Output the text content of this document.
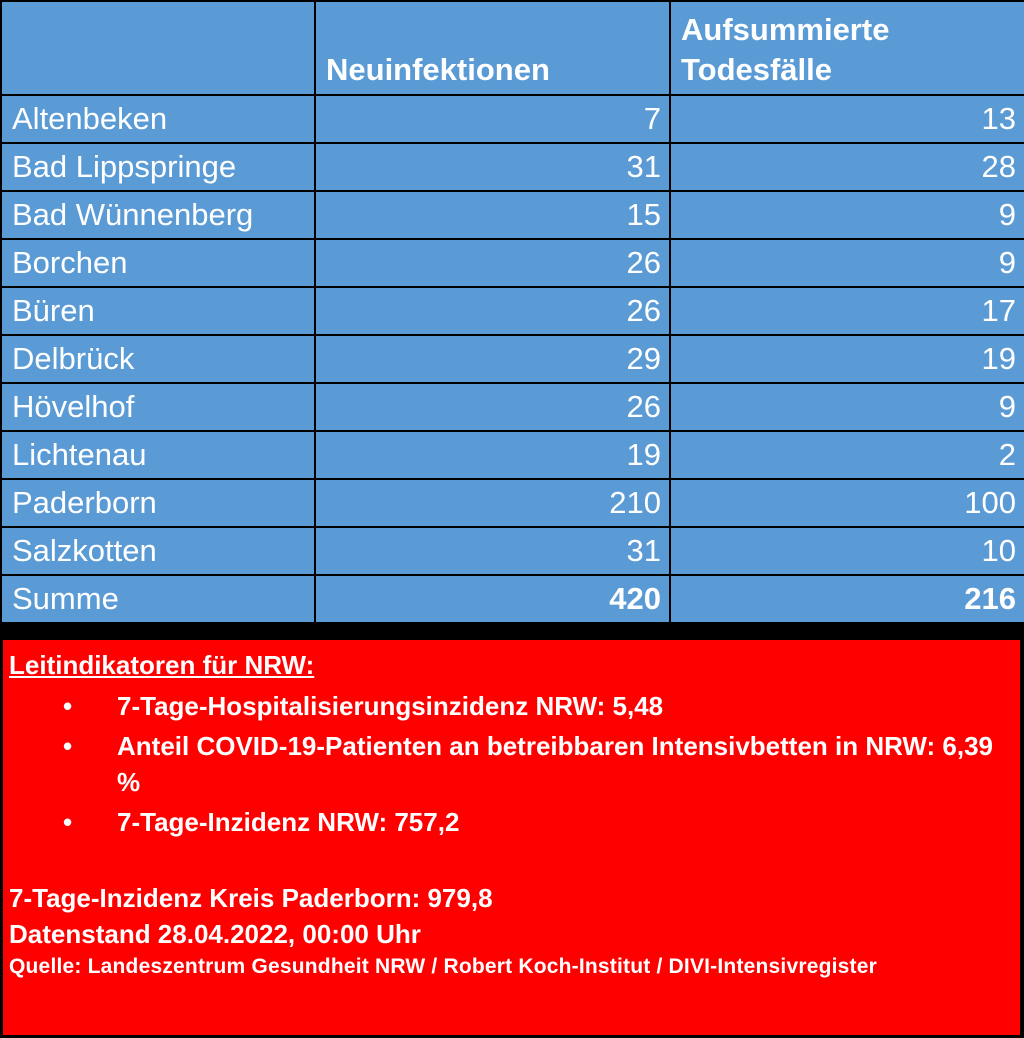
	Neuinfektionen	Aufsummierte Todesfälle
Altenbeken	7	13
Bad Lippspringe	31	28
Bad Wünnenberg	15	9
Borchen	26	9
Büren	26	17
Delbrück	29	19
Hövelhof	26	9
Lichtenau	19	2
Paderborn	210	100
Salzkotten	31	10
Summe	420	216
Leitindikatoren für NRW:
• 7-Tage-Hospitalisierungsinzidenz NRW: 5,48
• Anteil COVID-19-Patienten an betreibbaren Intensivbetten in NRW: 6,39 %
• 7-Tage-Inzidenz NRW: 757,2
7-Tage-Inzidenz Kreis Paderborn: 979,8
Datenstand 28.04.2022, 00:00 Uhr
Quelle: Landeszentrum Gesundheit NRW / Robert Koch-Institut / DIVI-Intensivregister
